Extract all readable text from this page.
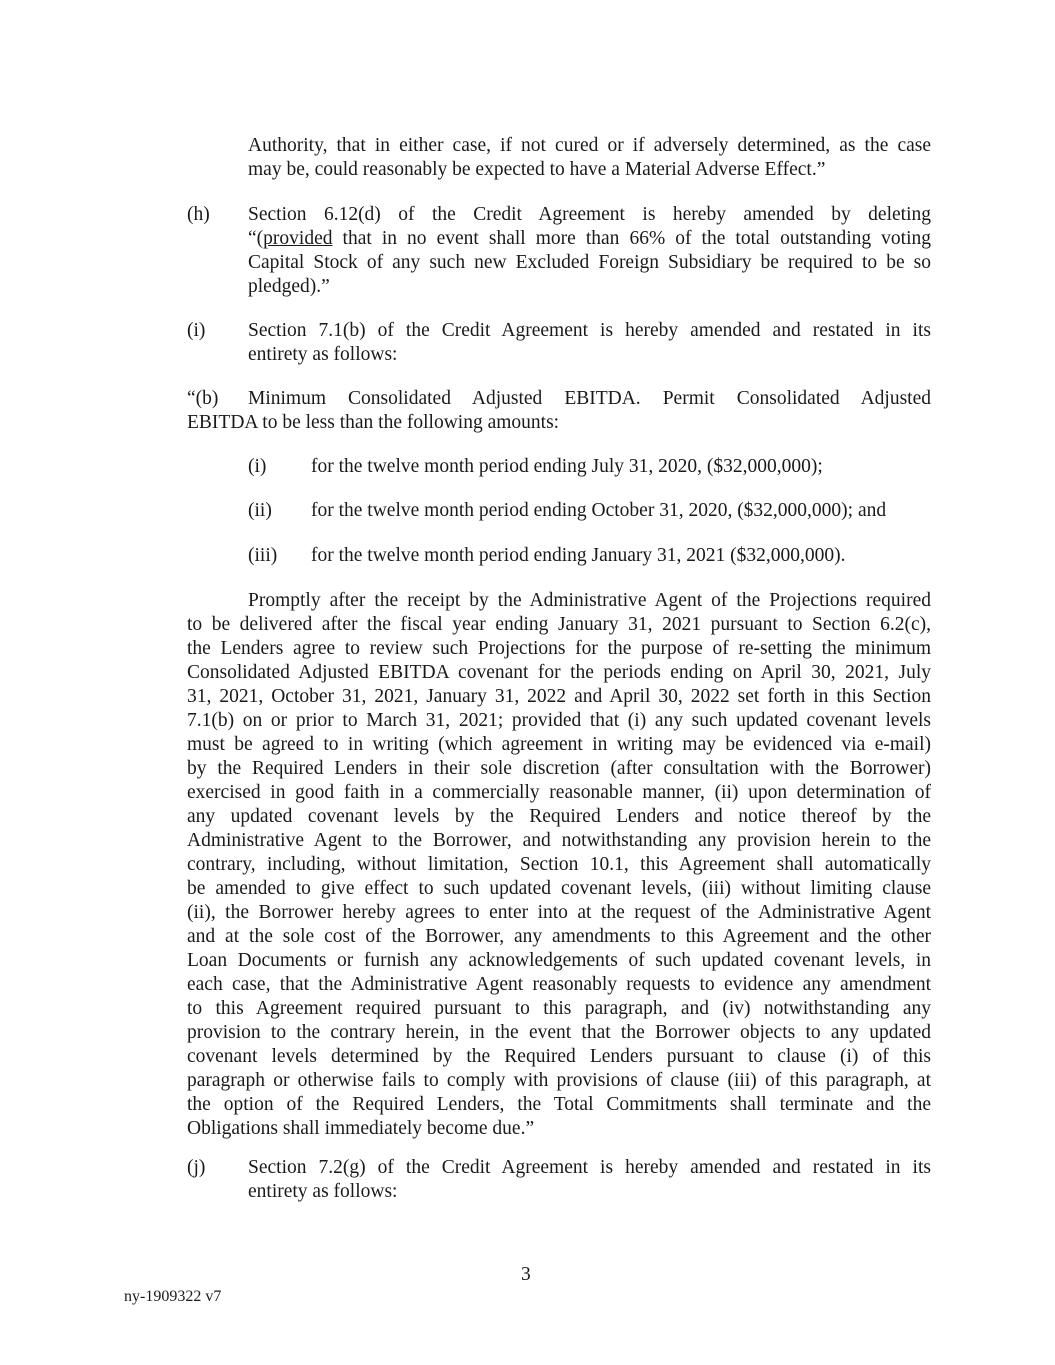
Authority, that in either case, if not cured or if adversely determined, as the case
may be, could reasonably be expected to have a Material Adverse Effect.”
(h) Section 6.12(d) of the Credit Agreement is hereby amended by deleting
“(provided that in no event shall more than 66% of the total outstanding voting
Capital Stock of any such new Excluded Foreign Subsidiary be required to be so
pledged).”
(i) Section 7.1(b) of the Credit Agreement is hereby amended and restated in its
entirety as follows:
“(b) Minimum Consolidated Adjusted EBITDA. Permit Consolidated Adjusted
EBITDA to be less than the following amounts:
(i) for the twelve month period ending July 31, 2020, ($32,000,000);
(ii) for the twelve month period ending October 31, 2020, ($32,000,000); and
(iii) for the twelve month period ending January 31, 2021 ($32,000,000).
Promptly after the receipt by the Administrative Agent of the Projections required
to be delivered after the fiscal year ending January 31, 2021 pursuant to Section 6.2(c),
the Lenders agree to review such Projections for the purpose of re-setting the minimum
Consolidated Adjusted EBITDA covenant for the periods ending on April 30, 2021, July
31, 2021, October 31, 2021, January 31, 2022 and April 30, 2022 set forth in this Section
7.1(b) on or prior to March 31, 2021; provided that (i) any such updated covenant levels
must be agreed to in writing (which agreement in writing may be evidenced via e-mail)
by the Required Lenders in their sole discretion (after consultation with the Borrower)
exercised in good faith in a commercially reasonable manner, (ii) upon determination of
any updated covenant levels by the Required Lenders and notice thereof by the
Administrative Agent to the Borrower, and notwithstanding any provision herein to the
contrary, including, without limitation, Section 10.1, this Agreement shall automatically
be amended to give effect to such updated covenant levels, (iii) without limiting clause
(ii), the Borrower hereby agrees to enter into at the request of the Administrative Agent
and at the sole cost of the Borrower, any amendments to this Agreement and the other
Loan Documents or furnish any acknowledgements of such updated covenant levels, in
each case, that the Administrative Agent reasonably requests to evidence any amendment
to this Agreement required pursuant to this paragraph, and (iv) notwithstanding any
provision to the contrary herein, in the event that the Borrower objects to any updated
covenant levels determined by the Required Lenders pursuant to clause (i) of this
paragraph or otherwise fails to comply with provisions of clause (iii) of this paragraph, at
the option of the Required Lenders, the Total Commitments shall terminate and the
Obligations shall immediately become due.”
(j) Section 7.2(g) of the Credit Agreement is hereby amended and restated in its
entirety as follows:
3
ny-1909322 v7
